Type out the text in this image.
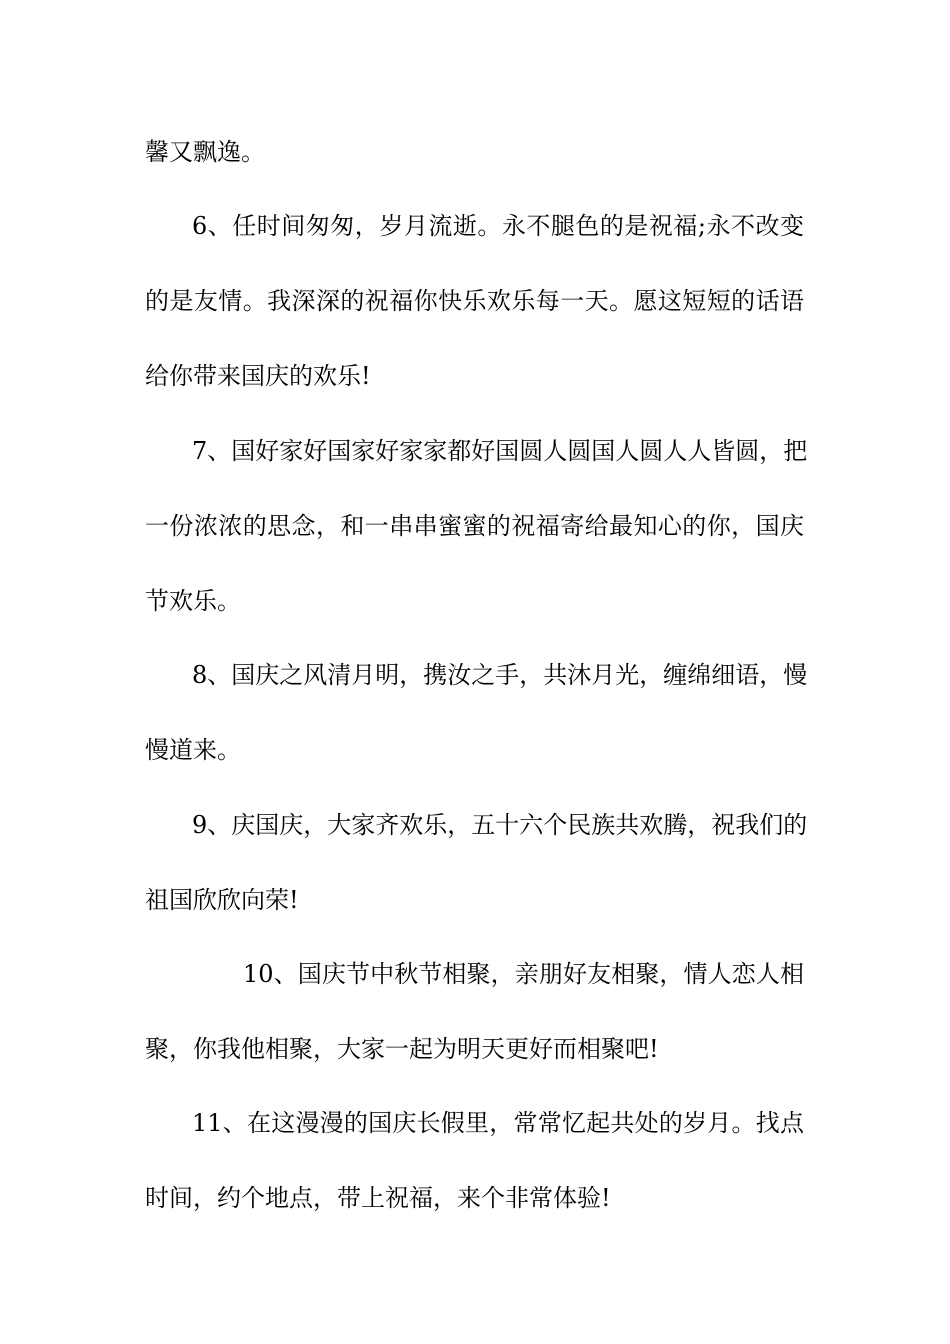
馨又飘逸。
6、任时间匆匆，岁月流逝。永不腿色的是祝福;永不改变
的是友情。我深深的祝福你快乐欢乐每一天。愿这短短的话语
给你带来国庆的欢乐!
7、国好家好国家好家家都好国圆人圆国人圆人人皆圆，把
一份浓浓的思念，和一串串蜜蜜的祝福寄给最知心的你，国庆
节欢乐。
8、国庆之风清月明，携汝之手，共沐月光，缠绵细语，慢
慢道来。
9、庆国庆，大家齐欢乐，五十六个民族共欢腾，祝我们的
祖国欣欣向荣!
10、国庆节中秋节相聚，亲朋好友相聚，情人恋人相
聚，你我他相聚，大家一起为明天更好而相聚吧!
11、在这漫漫的国庆长假里，常常忆起共处的岁月。找点
时间，约个地点，带上祝福，来个非常体验!
